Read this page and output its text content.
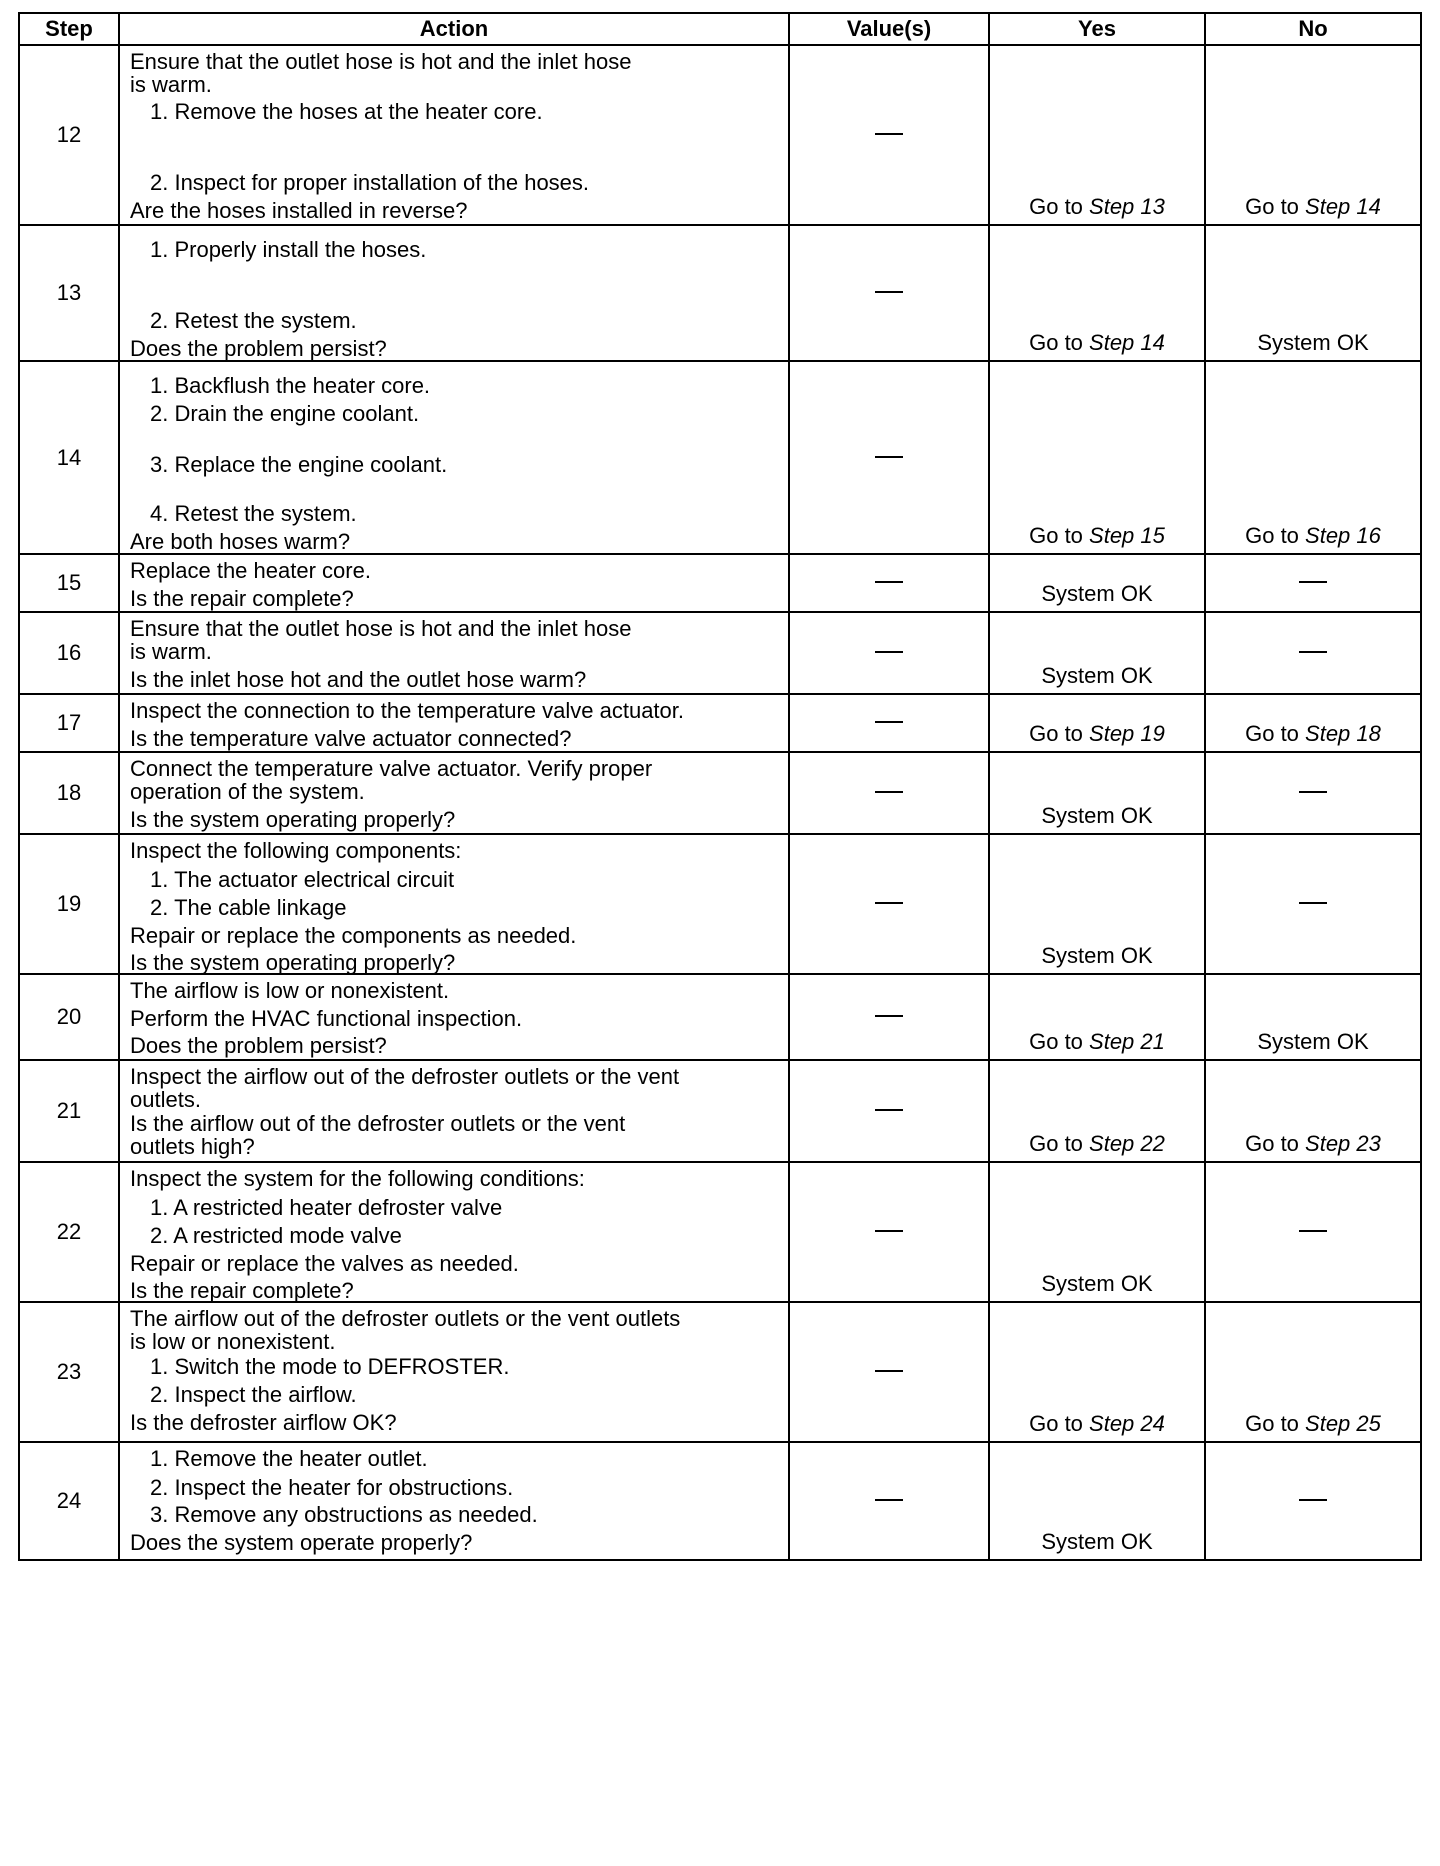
Step	Action	Value(s)	Yes	No
12	Ensure that the outlet hose is hot and the inlet hose
is warm.
1. Remove the hoses at the heater core.
2. Inspect for proper installation of the hoses.
Are the hoses installed in reverse?		Go to Step 13	Go to Step 14

13	1. Properly install the hoses.
2. Retest the system.
Does the problem persist?		Go to Step 14	System OK

14	1. Backflush the heater core.
2. Drain the engine coolant.
3. Replace the engine coolant.
4. Retest the system.
Are both hoses warm?		Go to Step 15	Go to Step 16

15	Replace the heater core.
Is the repair complete?		System OK

16	Ensure that the outlet hose is hot and the inlet hose
is warm.
Is the inlet hose hot and the outlet hose warm?		System OK

17	Inspect the connection to the temperature valve actuator.
Is the temperature valve actuator connected?		Go to Step 19	Go to Step 18

18	Connect the temperature valve actuator. Verify proper
operation of the system.
Is the system operating properly?		System OK

19	Inspect the following components:
1. The actuator electrical circuit
2. The cable linkage
Repair or replace the components as needed.
Is the system operating properly?		System OK

20	The airflow is low or nonexistent.
Perform the HVAC functional inspection.
Does the problem persist?		Go to Step 21	System OK

21	Inspect the airflow out of the defroster outlets or the vent
outlets.
Is the airflow out of the defroster outlets or the vent
outlets high?		Go to Step 22	Go to Step 23

22	Inspect the system for the following conditions:
1. A restricted heater defroster valve
2. A restricted mode valve
Repair or replace the valves as needed.
Is the repair complete?		System OK

23	The airflow out of the defroster outlets or the vent outlets
is low or nonexistent.
1. Switch the mode to DEFROSTER.
2. Inspect the airflow.
Is the defroster airflow OK?		Go to Step 24	Go to Step 25

24	1. Remove the heater outlet.
2. Inspect the heater for obstructions.
3. Remove any obstructions as needed.
Does the system operate properly?		System OK
